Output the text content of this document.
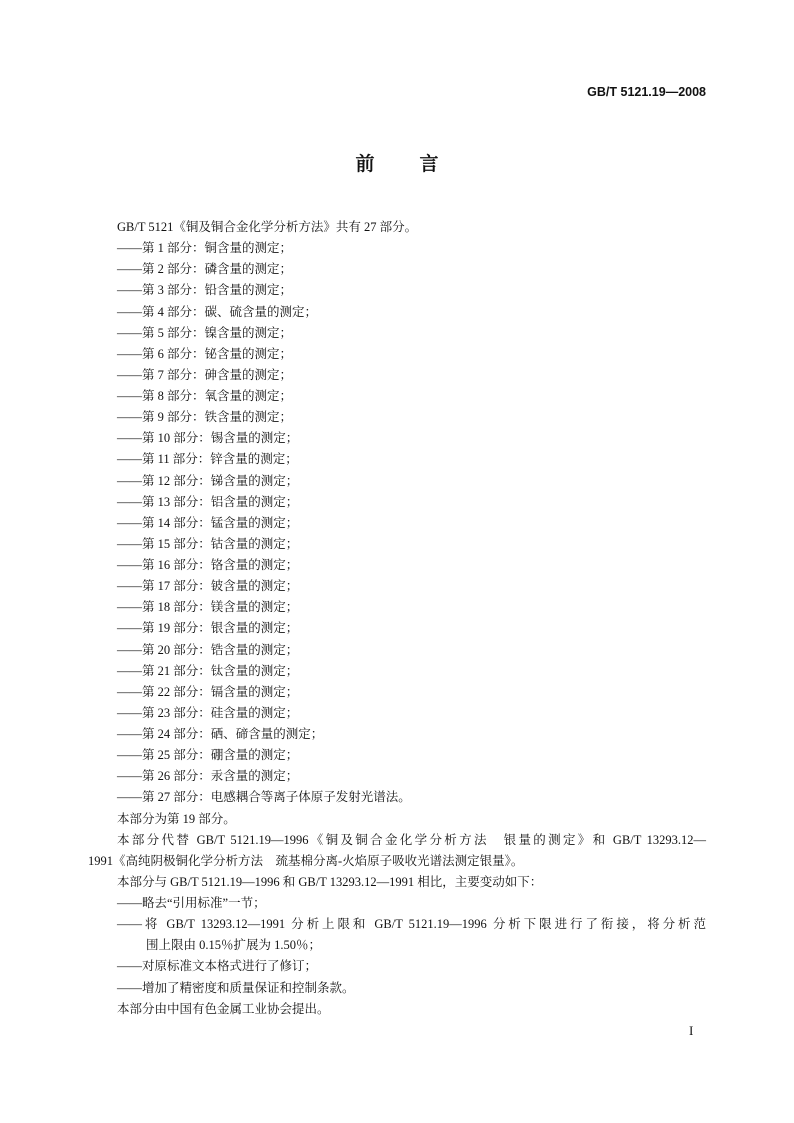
GB/T 5121.19—2008
前　言
GB/T 5121《铜及铜合金化学分析方法》共有 27 部分。
——第 1 部分：铜含量的测定；
——第 2 部分：磷含量的测定；
——第 3 部分：铅含量的测定；
——第 4 部分：碳、硫含量的测定；
——第 5 部分：镍含量的测定；
——第 6 部分：铋含量的测定；
——第 7 部分：砷含量的测定；
——第 8 部分：氧含量的测定；
——第 9 部分：铁含量的测定；
——第 10 部分：锡含量的测定；
——第 11 部分：锌含量的测定；
——第 12 部分：锑含量的测定；
——第 13 部分：铝含量的测定；
——第 14 部分：锰含量的测定；
——第 15 部分：钴含量的测定；
——第 16 部分：铬含量的测定；
——第 17 部分：铍含量的测定；
——第 18 部分：镁含量的测定；
——第 19 部分：银含量的测定；
——第 20 部分：锆含量的测定；
——第 21 部分：钛含量的测定；
——第 22 部分：镉含量的测定；
——第 23 部分：硅含量的测定；
——第 24 部分：硒、碲含量的测定；
——第 25 部分：硼含量的测定；
——第 26 部分：汞含量的测定；
——第 27 部分：电感耦合等离子体原子发射光谱法。
本部分为第 19 部分。
本部分代替 GB/T 5121.19—1996《铜及铜合金化学分析方法　银量的测定》和 GB/T 13293.12—
1991《高纯阴极铜化学分析方法　巯基棉分离-火焰原子吸收光谱法测定银量》。
本部分与 GB/T 5121.19—1996 和 GB/T 13293.12—1991 相比，主要变动如下：
——略去“引用标准”一节；
——将 GB/T 13293.12—1991 分析上限和 GB/T 5121.19—1996 分析下限进行了衔接，将分析范
围上限由 0.15％扩展为 1.50％；
——对原标准文本格式进行了修订；
——增加了精密度和质量保证和控制条款。
本部分由中国有色金属工业协会提出。
I
